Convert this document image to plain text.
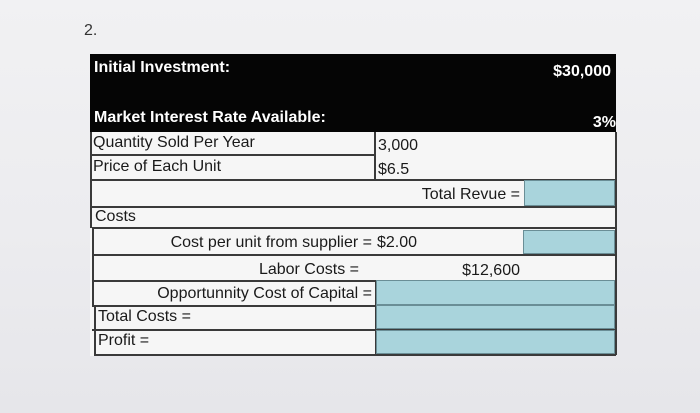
2.
Initial Investment:	$30,000
Market Interest Rate Available:	3%
Quantity Sold Per Year	3,000
Price of Each Unit	$6.5
Total Revue =
Costs
Cost per unit from supplier = $2.00
Labor Costs =	$12,600
Opportunnity Cost of Capital =
Total Costs =
Profit =
